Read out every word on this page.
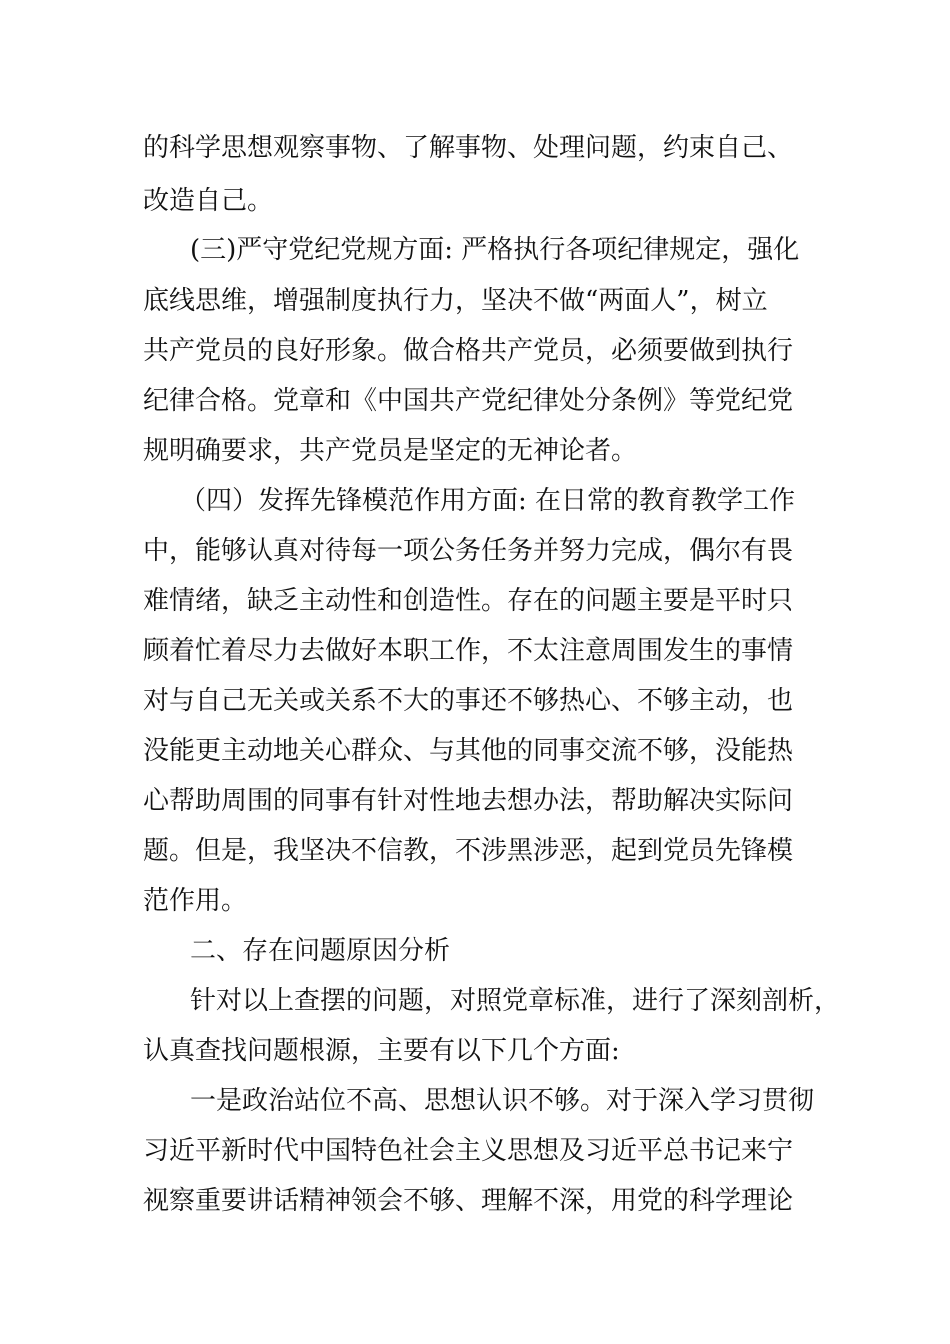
的科学思想观察事物、了解事物、处理问题，约束自己、
改造自己。
(三)严守党纪党规方面: 严格执行各项纪律规定，强化
底线思维，增强制度执行力，坚决不做“两面人”，树立
共产党员的良好形象。做合格共产党员，必须要做到执行
纪律合格。党章和《中国共产党纪律处分条例》等党纪党
规明确要求，共产党员是坚定的无神论者。
（四）发挥先锋模范作用方面: 在日常的教育教学工作
中，能够认真对待每一项公务任务并努力完成，偶尔有畏
难情绪，缺乏主动性和创造性。存在的问题主要是平时只
顾着忙着尽力去做好本职工作，不太注意周围发生的事情
对与自己无关或关系不大的事还不够热心、不够主动，也
没能更主动地关心群众、与其他的同事交流不够，没能热
心帮助周围的同事有针对性地去想办法，帮助解决实际问
题。但是，我坚决不信教，不涉黑涉恶，起到党员先锋模
范作用。
二、存在问题原因分析
针对以上查摆的问题，对照党章标准，进行了深刻剖析，
认真查找问题根源，主要有以下几个方面:
一是政治站位不高、思想认识不够。对于深入学习贯彻
习近平新时代中国特色社会主义思想及习近平总书记来宁
视察重要讲话精神领会不够、理解不深，用党的科学理论
